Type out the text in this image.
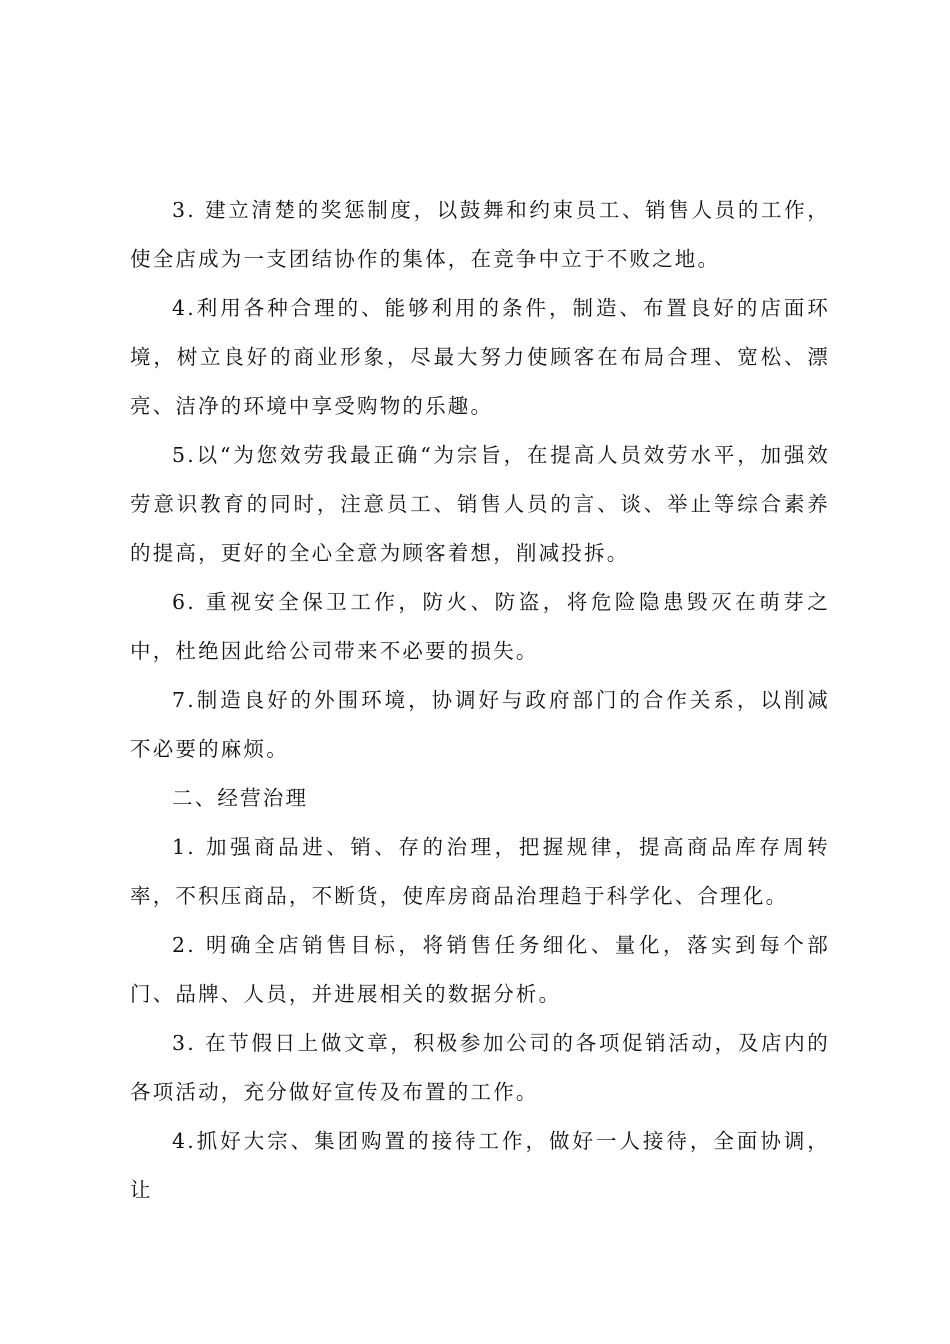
3. 建立清楚的奖惩制度，以鼓舞和约束员工、销售人员的工作，使全店成为一支团结协作的集体，在竞争中立于不败之地。

4.利用各种合理的、能够利用的条件，制造、布置良好的店面环境，树立良好的商业形象，尽最大努力使顾客在布局合理、宽松、漂亮、洁净的环境中享受购物的乐趣。

5.以“为您效劳我最正确“为宗旨，在提高人员效劳水平，加强效劳意识教育的同时，注意员工、销售人员的言、谈、举止等综合素养的提高，更好的全心全意为顾客着想，削减投拆。

6. 重视安全保卫工作，防火、防盗，将危险隐患毁灭在萌芽之中，杜绝因此给公司带来不必要的损失。

7.制造良好的外围环境，协调好与政府部门的合作关系，以削减不必要的麻烦。

二、经营治理

1. 加强商品进、销、存的治理，把握规律，提高商品库存周转率，不积压商品，不断货，使库房商品治理趋于科学化、合理化。

2. 明确全店销售目标，将销售任务细化、量化，落实到每个部门、品牌、人员，并进展相关的数据分析。

3. 在节假日上做文章，积极参加公司的各项促销活动，及店内的各项活动，充分做好宣传及布置的工作。

4.抓好大宗、集团购置的接待工作，做好一人接待，全面协调，让
